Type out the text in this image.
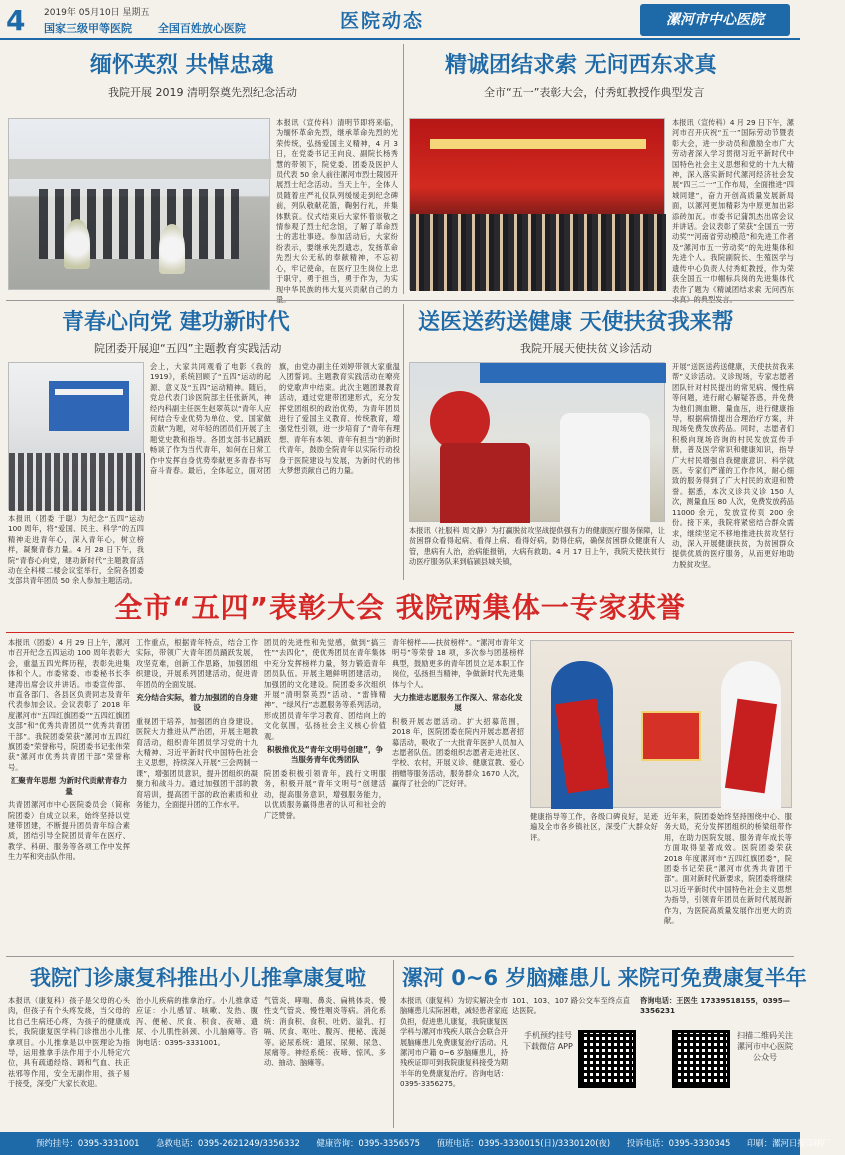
4 2019年 05月10日 星期五
国家三级甲等医院 全国百姓放心医院	医院动态	漯河市中心医院
缅怀英烈 共悼忠魂
我院开展 2019 清明祭奠先烈纪念活动
本报讯（宣传科）清明节即将来临，为缅怀革命先烈，继承革命先烈的光荣传统，弘扬爱国主义精神，4 月 3 日，在党委书记王向良、副院长杨秀慧的带领下，院党委、团委及医护人员代表 50 余人前往漯河市烈士陵园开展烈士纪念活动。当天上午，全体人员随着庄严礼仪队列缓缓走到纪念碑前，列队敬献花篮，鞠躬行礼，并集体默哀。仪式结束后大家怀着崇敬之情参观了烈士纪念馆，了解了革命烈士的悲壮事迹。参加活动后，大家纷纷表示，要继承先烈遗志，发扬革命先烈大公无私的奉献精神，不忘初心，牢记使命，在医疗卫生岗位上忠于职守，勇于担当，勇于作为，为实现中华民族的伟大复兴贡献自己的力
精诚团结求索 无问西东求真
全市“五一”表彰大会，付秀虹教授作典型发言
本报讯（宣传科）4 月 29 日下午，漯河市召开庆祝“五一”国际劳动节暨表彰大会，进一步动员和激励全市广大劳动者深入学习贯彻习近平新时代中国特色社会主义思想和党的十九大精神，深入落实新时代漯河经济社会发展“四三二一”工作布局，全面推进“四城同建”，奋力开创高质量发展新局面，以漯河更加精彩为中原更加出彩添砖加瓦。市委书记蒲凯杰出席会议并讲话。会议表彰了荣获“全国五一劳动奖”“河南省劳动模范”和先进工作者及“漯河市五一劳动奖”的先进集体和先进个人。我院副院长、生殖医学与遗传中心负责人付秀虹教授，作为荣获全国五一巾帼标兵岗的先进集体代表作了题为《精诚团结求索 无问西东
青春心向党 建功新时代
院团委开展迎“五四”主题教育实践活动
本报讯（团委 于聪）为纪念“五四”运动 100 周年，将“爱国、民主、科学”的五四精神走进青年心，深入青年心，树立榜样，凝聚青春力量。4 月 28 日下午，我院“青春心向党，建功新时代”主题教育活动在全科楼二楼会议室举行，全院各团委支部共青年团员 50 余人参加主题活动。
会上，大家共同观看了电影《我的 1919》，系统回顾了“五四”运动的起源、意义及“五四”运动精神。随后，党总代表门诊医院部主任张新风，神经内科副主任医生赵翠英以“青年人应何结合专业优势为单位、党、国家做贡献”为题，对年轻的团员们开展了主题党史教和指导。各团支部书记踊跃畅谈了作为当代青年，如何在日常工作中发挥自身优势奉献更多青春书写奋斗青春。最后，全体起立，面对团旗，由党办副主任刘婷带领大家重温入团誓词。主题教育实践活动在嘹亮的党歌声中结束。此次主题团课教育活动，通过党建带团建形式，充分发挥党团组织的政治优势，为青年团员进行了爱国主义教育、传统教育，增强党性引领，进一步培育了“青年有理想、青年有本领、青年有担当”的新时代青年，鼓励全院青年以实际行动投身于医院建设与发展，为新时代的伟大梦想贡献自己的力量。
送医送药送健康 天使扶贫我来帮
我院开展天使扶贫义诊活动
本报讯（社服科 周文静）为打赢脱贫攻坚战提供强有力的健康医疗服务保障，让贫困群众看得起病、看得上病、看得好病，防得住病，确保贫困群众健康有人管，患病有人治，治病能报销，大病有救助。4 月 17 日上午，我院天使扶贫行动医疗服务队来到临颍县城关镇，
开展“送医送药送健康，天使扶贫我来帮”义诊活动。义诊现场，专家志愿者团队针对村民提出的常见病、慢性病等问题，进行耐心解疑答惑，并免费为他们测血糖、量血压，进行健康指导，根据病情提出合理治疗方案，并现场免费发放药品。同时，志愿者们积极向现场咨询的村民发放宣传手册，普及医学常识和健康知识，指导广大村民增强自我健康意识、科学就医。专家们严谨的工作作风，耐心细致的服务得到了广大村民的欢迎和赞誉。据悉，本次义诊共义诊 150 人次，测量血压 80 人次，免费发放药品 11000 余元，发放宣传页 200 余份。接下来，我院将紧密结合群众需求，继续坚定不移地推进扶贫攻坚行动，深入开展健康扶贫，为贫困群众提供优质的医疗服务，从而更好地助力脱贫攻坚。
全市“五四”表彰大会 我院两集体一专家获誉
本报讯（团委）4 月 29 日上午，漯河市召开纪念五四运动 100 周年表彰大会，重温五四光辉历程，表彰先进集体和个人。市委常委、市委秘书长李建涛出席会议并讲话。市委宣传部、市直各部门、各县区负责同志及青年代表参加会议。会议表彰了 2018 年度漯河市“五四红旗团委”“五四红旗团支部”和“优秀共青团员”“优秀共青团干部”。我院团委荣获“漯河市五四红旗团委”荣誉称号，院团委书记张伟荣获“漯河市优秀共青团干部”荣誉称号。
汇聚青年思想 为新时代贡献青春力量
共青团漯河市中心医院委员会（简称院团委）自成立以来，始终坚持以党建带团建，不断提升团员青年综合素质，团结引导全院团员青年在医疗、教学、科研、服务等各项工作中发挥生力军和突击队作用。
工作重点，根据青年特点，结合工作实际，带领广大青年团员踊跃发展，攻坚克难，创新工作思路，加强团组织建设，开展系列团建活动，促进青年团员的全面发展。
充分结合实际，着力加强团的自身建设
重视团干培养，加强团的自身建设。医院大力推进从严治团，开展主题教育活动，组织青年团员学习党的十九大精神、习近平新时代中国特色社会主义思想，持续深入开展“三会两制一课”，增强团员意识，提升团组织的凝聚力和战斗力。通过加强团干部的教育培训，提高团干部的政治素质和业务能力，全面提升团的工作水平。
团员的先进性和先觉感，做到“搞三性”“去四化”，使优秀团员在青年集体中充分发挥榜样力量，努力锻造青年团员队伍。开展主题鲜明团建活动，加强团的文化建设。院团委多次组织开展“清明祭英烈”活动、“雷锋精神”、“绿风行”志愿服务等系列活动，形成团员青年学习教育、团结向上的文化氛围，弘扬社会主义核心价值观。
积极推优及“青年文明号创建”，争当服务青年优秀团队
院团委积极引领青年，践行文明服务，积极开展“青年文明号”创建活动，提高服务意识，增强服务能力，以优质服务赢得患者的认可和社会的广泛赞誉。
青年榜样——扶贫榜样”。“漯河市青年文明号”等荣誉 18 项，多次参与团基榜样典型，鼓励更多的青年团员立足本职工作岗位，弘扬担当精神，争做新时代先进集体与个人。
大力推进志愿服务工作深入、常态化发展
积极开展志愿活动。扩大招募范围，2018 年，医院团委在院内开展志愿者招募活动，吸收了一大批青年医护人员加入志愿者队伍。团委组织志愿者走进社区、学校、农村，开展义诊、健康宣教、爱心捐赠等服务活动，服务群众 1670 人次，赢得了社会的广泛好评。
健康指导等工作，各级口碑良好，足迹遍及全市各乡镇社区，深受广大群众好评。
近年来，院团委始终坚持围绕中心、服务大局，充分发挥团组织的桥梁纽带作用，在助力医院发展、服务青年成长等方面取得显著成效。医院团委荣获 2018 年度漯河市“五四红旗团委”，院团委书记荣获“漯河市优秀共青团干部”。面对新时代新要求，院团委将继续以习近平新时代中国特色社会主义思想为指导，引领青年团员在新时代展现新作为，为医院高质量发展作出更大的贡献。
我院门诊康复科推出小儿推拿康复啦
本报讯（康复科）孩子是父母的心头肉，但孩子有个头疼发烧，当父母的比自己生病还心疼，为孩子的健康成长，我院康复医学科门诊推出小儿推拿项目。小儿推拿是以中医理论为指导，运用推拿手法作用于小儿特定穴位，具有疏通经络、调和气血、扶正祛邪等作用，安全无副作用，孩子易于接受，深受广大家长欢迎。
治小儿疾病的推拿治疗。小儿推拿适应证：小儿感冒、咳嗽、发热、腹泻、便秘、厌食、积食、夜啼、遗尿、小儿肌性斜颈、小儿脑瘫等。咨询电话：0395-3331001。
气管炎、哮喘、鼻炎、扁桃体炎、慢性支气管炎、慢性咽炎等病。消化系统：消食积、食积、吐奶、溢乳、打嗝、厌食、呕吐、腹泻、便秘、流涎等。泌尿系统：遗尿、尿频、尿急、尿痛等。神经系统：夜啼、惊风、多动、抽动、脑瘫等。
漯河 0~6 岁脑瘫患儿 来院可免费康复半年
本报讯（康复科）为切实解决全市脑瘫患儿实际困难，减轻患者家庭负担，促进患儿康复，我院康复医学科与漯河市残疾人联合会联合开展脑瘫患儿免费康复治疗活动。凡漯河市户籍 0~6 岁脑瘫患儿，持残疾证即可到我院康复科接受为期半年的免费康复治疗。咨询电话：0395-3356275。
101、103、107 路公交车至终点直达医院。
咨询电话：王医生 17339518155，0395—3356231
手机预约挂号 下载微信 APP
扫描二维码关注漯河市中心医院公众号
预约挂号：0395-3331001 急救电话：0395-2621249/3356332 健康咨询：0395-3356575 值班电话：0395-3330015(日)/3330120(夜) 投诉电话：0395-3330345 印刷：漯河日报印刷厂
